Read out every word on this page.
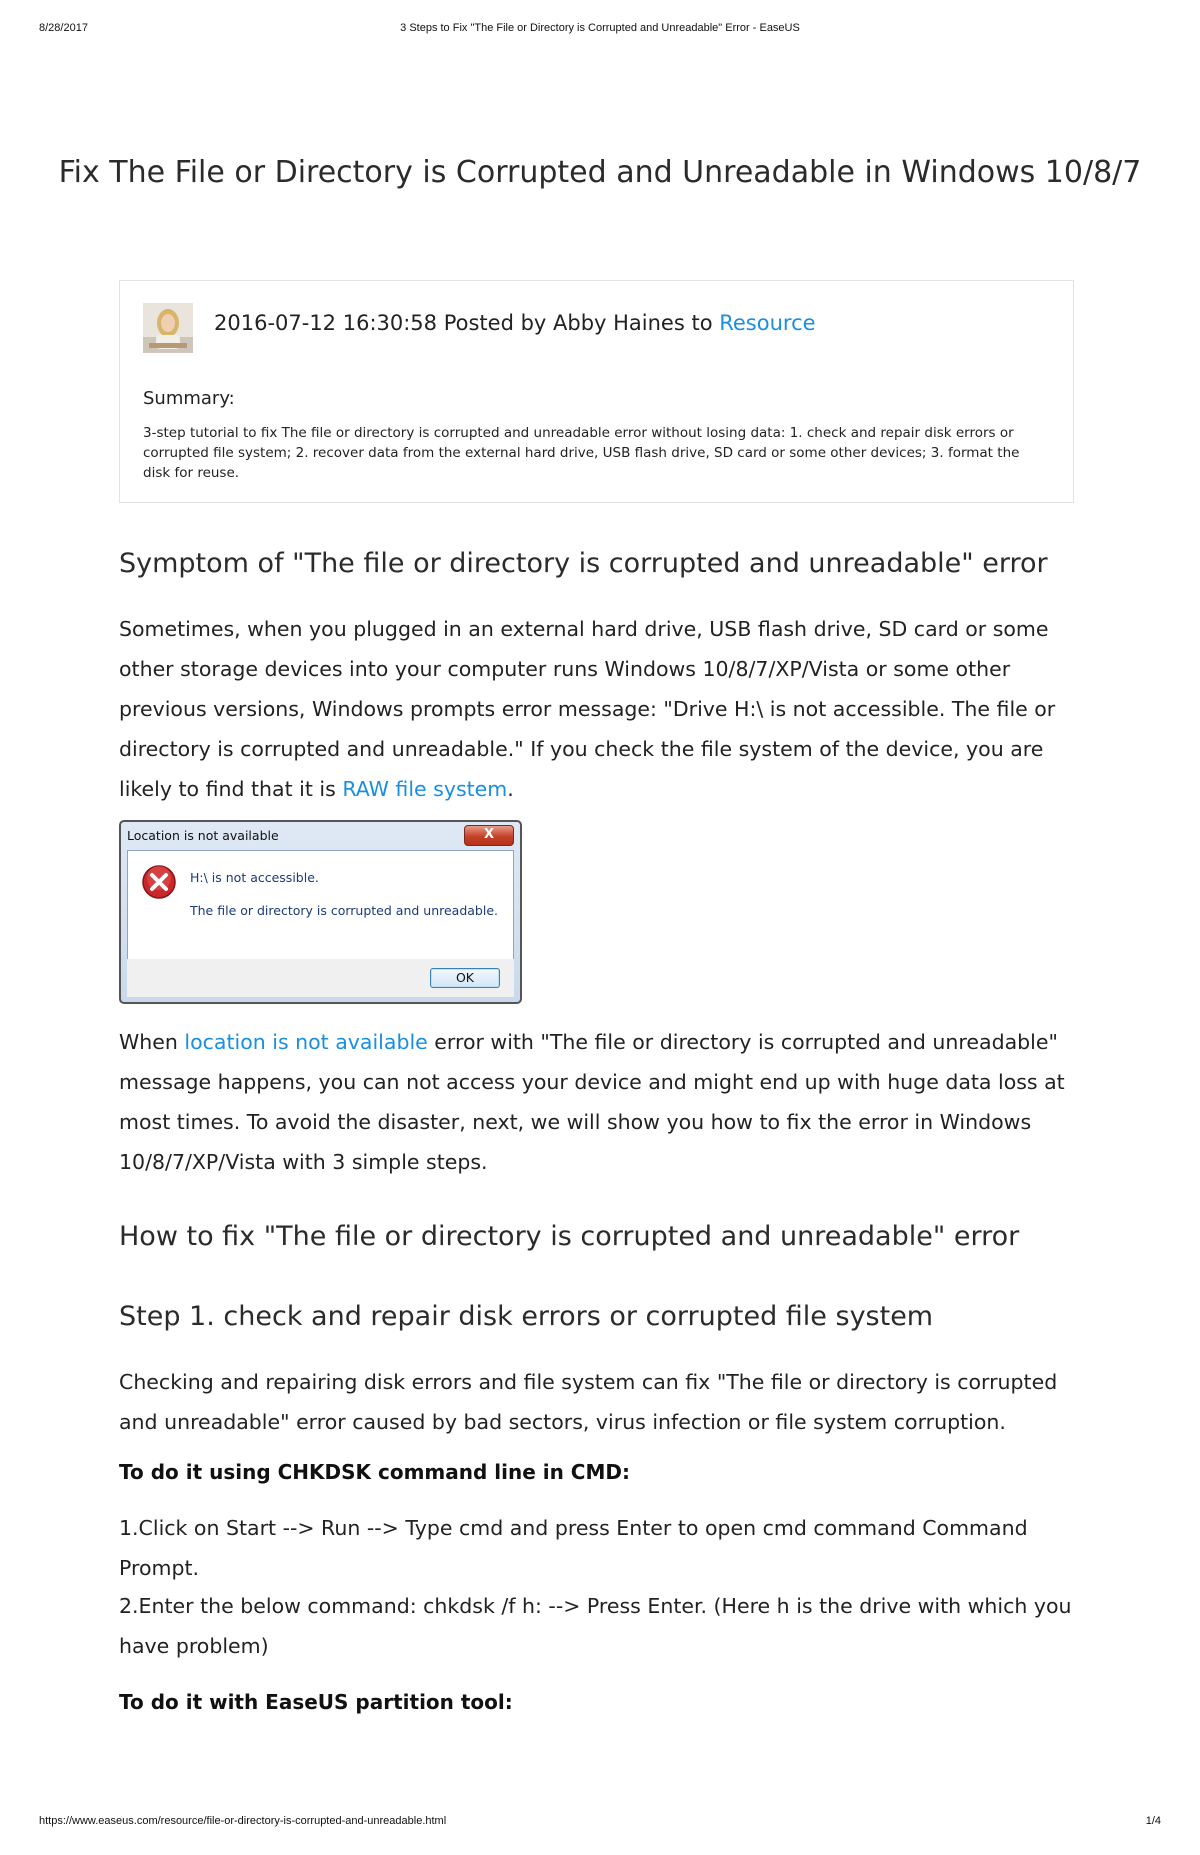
8/28/2017	3 Steps to Fix "The File or Directory is Corrupted and Unreadable" Error - EaseUS
Fix The File or Directory is Corrupted and Unreadable in Windows 10/8/7
2016-07-12 16:30:58 Posted by Abby Haines to Resource
Summary:
3-step tutorial to fix The file or directory is corrupted and unreadable error without losing data: 1. check and repair disk errors or corrupted file system; 2. recover data from the external hard drive, USB flash drive, SD card or some other devices; 3. format the disk for reuse.
Symptom of "The file or directory is corrupted and unreadable" error

Sometimes, when you plugged in an external hard drive, USB flash drive, SD card or some other storage devices into your computer runs Windows 10/8/7/XP/Vista or some other previous versions, Windows prompts error message: "Drive H:\ is not accessible. The file or directory is corrupted and unreadable." If you check the file system of the device, you are likely to find that it is RAW file system.

Location is not available	X
H:\ is not accessible.
The file or directory is corrupted and unreadable.
OK

When location is not available error with "The file or directory is corrupted and unreadable" message happens, you can not access your device and might end up with huge data loss at most times. To avoid the disaster, next, we will show you how to fix the error in Windows 10/8/7/XP/Vista with 3 simple steps.

How to fix "The file or directory is corrupted and unreadable" error
Step 1. check and repair disk errors or corrupted file system

Checking and repairing disk errors and file system can fix "The file or directory is corrupted and unreadable" error caused by bad sectors, virus infection or file system corruption.

To do it using CHKDSK command line in CMD:

1.Click on Start --> Run --> Type cmd and press Enter to open cmd command Command Prompt.

2.Enter the below command: chkdsk /f h: --> Press Enter. (Here h is the drive with which you have problem)

To do it with EaseUS partition tool:

https://www.easeus.com/resource/file-or-directory-is-corrupted-and-unreadable.html	1/4
